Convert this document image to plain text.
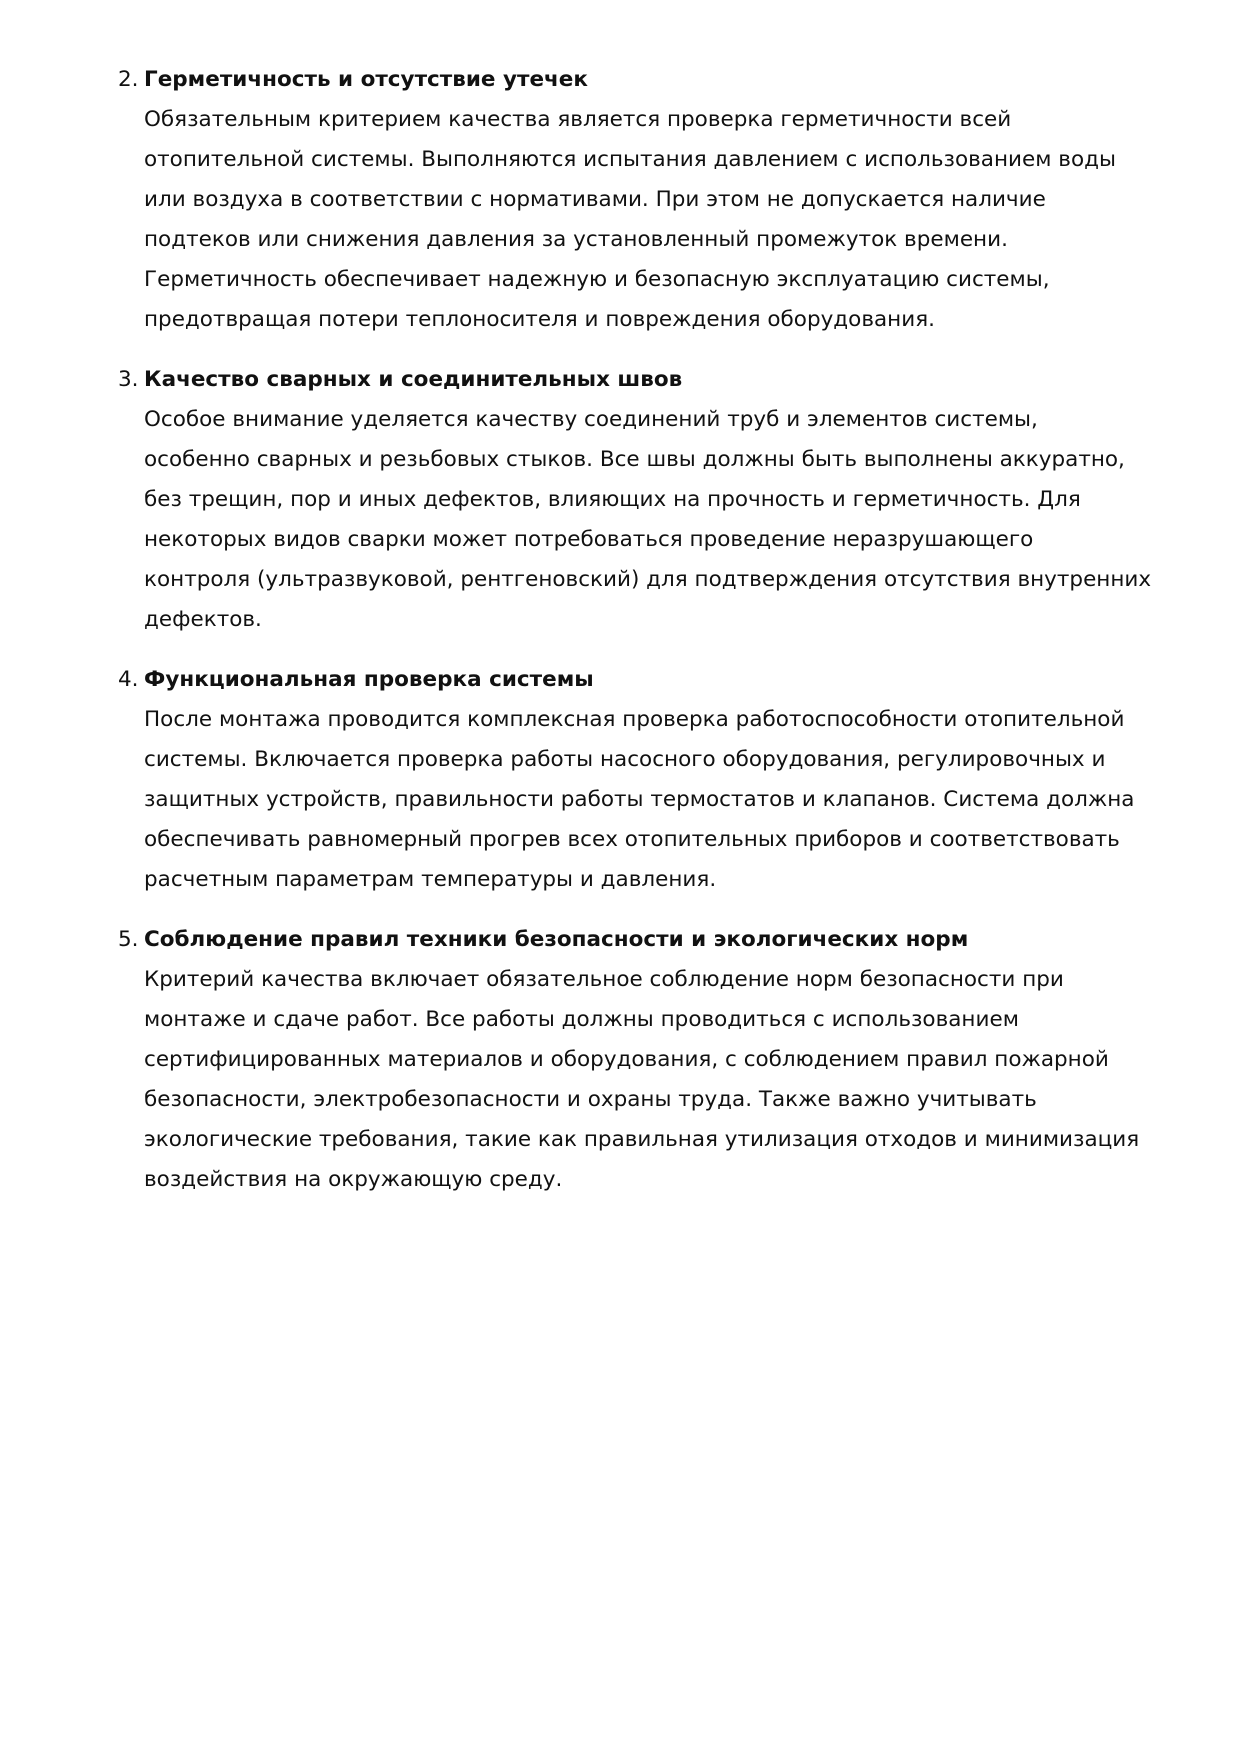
2. Герметичность и отсутствие утечек
Обязательным критерием качества является проверка герметичности всей
отопительной системы. Выполняются испытания давлением с использованием воды
или воздуха в соответствии с нормативами. При этом не допускается наличие
подтеков или снижения давления за установленный промежуток времени.
Герметичность обеспечивает надежную и безопасную эксплуатацию системы,
предотвращая потери теплоносителя и повреждения оборудования.
3. Качество сварных и соединительных швов
Особое внимание уделяется качеству соединений труб и элементов системы,
особенно сварных и резьбовых стыков. Все швы должны быть выполнены аккуратно,
без трещин, пор и иных дефектов, влияющих на прочность и герметичность. Для
некоторых видов сварки может потребоваться проведение неразрушающего
контроля (ультразвуковой, рентгеновский) для подтверждения отсутствия внутренних
дефектов.
4. Функциональная проверка системы
После монтажа проводится комплексная проверка работоспособности отопительной
системы. Включается проверка работы насосного оборудования, регулировочных и
защитных устройств, правильности работы термостатов и клапанов. Система должна
обеспечивать равномерный прогрев всех отопительных приборов и соответствовать
расчетным параметрам температуры и давления.
5. Соблюдение правил техники безопасности и экологических норм
Критерий качества включает обязательное соблюдение норм безопасности при
монтаже и сдаче работ. Все работы должны проводиться с использованием
сертифицированных материалов и оборудования, с соблюдением правил пожарной
безопасности, электробезопасности и охраны труда. Также важно учитывать
экологические требования, такие как правильная утилизация отходов и минимизация
воздействия на окружающую среду.
